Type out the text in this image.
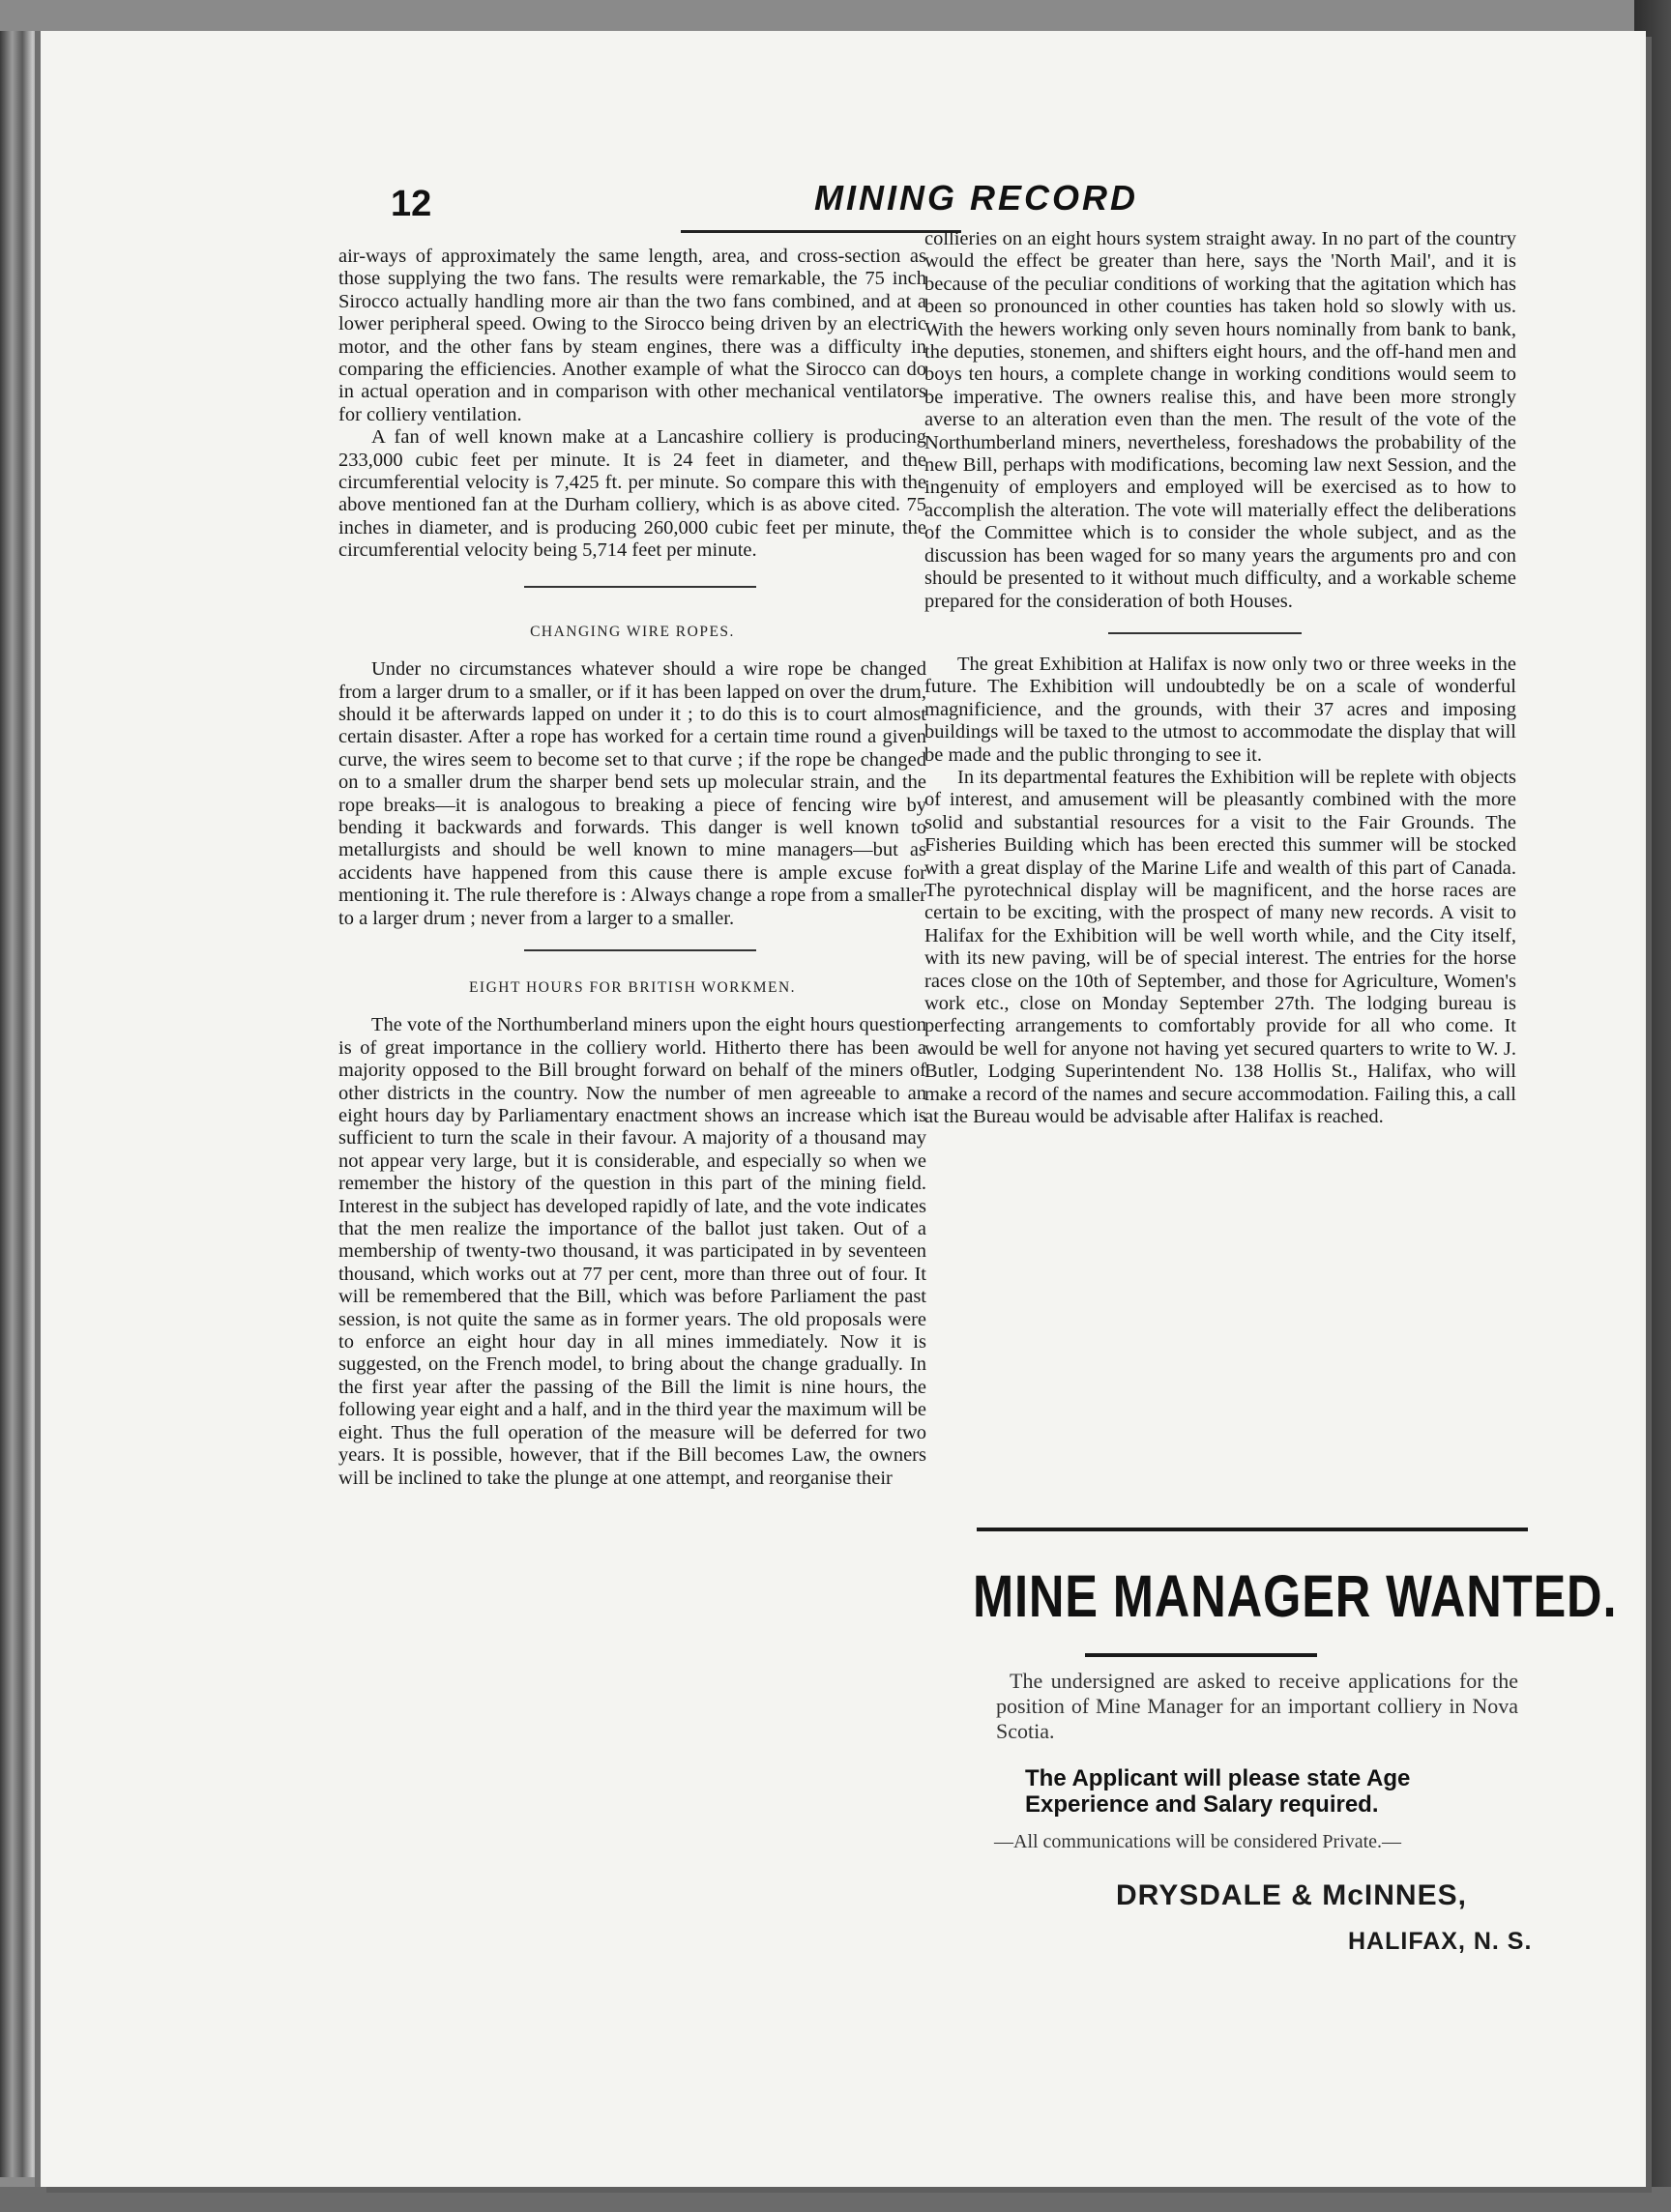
12	MINING RECORD

air-ways of approximately the same length, area, and cross-section as those supplying the two fans. The results were remarkable, the 75 inch Sirocco actually handling more air than the two fans combined, and at a lower peripheral speed. Owing to the Sirocco being driven by an electric motor, and the other fans by steam engines, there was a difficulty in comparing the efficiencies. Another example of what the Sirocco can do in actual operation and in comparison with other mechanical ventilators for colliery ventilation.

A fan of well known make at a Lancashire colliery is producing 233,000 cubic feet per minute. It is 24 feet in diameter, and the circumferential velocity is 7,425 ft. per minute. So compare this with the above mentioned fan at the Durham colliery, which is as above cited. 75 inches in diameter, and is producing 260,000 cubic feet per minute, the circumferential velocity being 5,714 feet per minute.

CHANGING WIRE ROPES.

Under no circumstances whatever should a wire rope be changed from a larger drum to a smaller, or if it has been lapped on over the drum, should it be afterwards lapped on under it ; to do this is to court almost certain disaster. After a rope has worked for a certain time round a given curve, the wires seem to become set to that curve ; if the rope be changed on to a smaller drum the sharper bend sets up molecular strain, and the rope breaks—it is analogous to breaking a piece of fencing wire by bending it backwards and forwards. This danger is well known to metallurgists and should be well known to mine managers—but as accidents have happened from this cause there is ample excuse for mentioning it. The rule therefore is : Always change a rope from a smaller to a larger drum ; never from a larger to a smaller.

EIGHT HOURS FOR BRITISH WORKMEN.

The vote of the Northumberland miners upon the eight hours question is of great importance in the colliery world. Hitherto there has been a majority opposed to the Bill brought forward on behalf of the miners of other districts in the country. Now the number of men agreeable to an eight hours day by Parliamentary enactment shows an increase which is sufficient to turn the scale in their favour. A majority of a thousand may not appear very large, but it is considerable, and especially so when we remember the history of the question in this part of the mining field. Interest in the subject has developed rapidly of late, and the vote indicates that the men realize the importance of the ballot just taken. Out of a membership of twenty-two thousand, it was participated in by seventeen thousand, which works out at 77 per cent, more than three out of four. It will be remembered that the Bill, which was before Parliament the past session, is not quite the same as in former years. The old proposals were to enforce an eight hour day in all mines immediately. Now it is suggested, on the French model, to bring about the change gradually. In the first year after the passing of the Bill the limit is nine hours, the following year eight and a half, and in the third year the maximum will be eight. Thus the full operation of the measure will be deferred for two years. It is possible, however, that if the Bill becomes Law, the owners will be inclined to take the plunge at one attempt, and reorganise their

collieries on an eight hours system straight away. In no part of the country would the effect be greater than here, says the 'North Mail', and it is because of the peculiar conditions of working that the agitation which has been so pronounced in other counties has taken hold so slowly with us. With the hewers working only seven hours nominally from bank to bank, the deputies, stonemen, and shifters eight hours, and the off-hand men and boys ten hours, a complete change in working conditions would seem to be imperative. The owners realise this, and have been more strongly averse to an alteration even than the men. The result of the vote of the Northumberland miners, nevertheless, foreshadows the probability of the new Bill, perhaps with modifications, becoming law next Session, and the ingenuity of employers and employed will be exercised as to how to accomplish the alteration. The vote will materially effect the deliberations of the Committee which is to consider the whole subject, and as the discussion has been waged for so many years the arguments pro and con should be presented to it without much difficulty, and a workable scheme prepared for the consideration of both Houses.

The great Exhibition at Halifax is now only two or three weeks in the future. The Exhibition will undoubtedly be on a scale of wonderful magnificience, and the grounds, with their 37 acres and imposing buildings will be taxed to the utmost to accommodate the display that will be made and the public thronging to see it.

In its departmental features the Exhibition will be replete with objects of interest, and amusement will be pleasantly combined with the more solid and substantial resources for a visit to the Fair Grounds. The Fisheries Building which has been erected this summer will be stocked with a great display of the Marine Life and wealth of this part of Canada. The pyrotechnical display will be magnificent, and the horse races are certain to be exciting, with the prospect of many new records. A visit to Halifax for the Exhibition will be well worth while, and the City itself, with its new paving, will be of special interest. The entries for the horse races close on the 10th of September, and those for Agriculture, Women's work etc., close on Monday September 27th. The lodging bureau is perfecting arrangements to comfortably provide for all who come. It would be well for anyone not having yet secured quarters to write to W. J. Butler, Lodging Superintendent No. 138 Hollis St., Halifax, who will make a record of the names and secure accommodation. Failing this, a call at the Bureau would be advisable after Halifax is reached.

MINE MANAGER WANTED.
The undersigned are asked to receive applications for the position of Mine Manager for an important colliery in Nova Scotia.
The Applicant will please state Age
Experience and Salary required.
—All communications will be considered Private.—
DRYSDALE & McINNES,
HALIFAX, N. S.
